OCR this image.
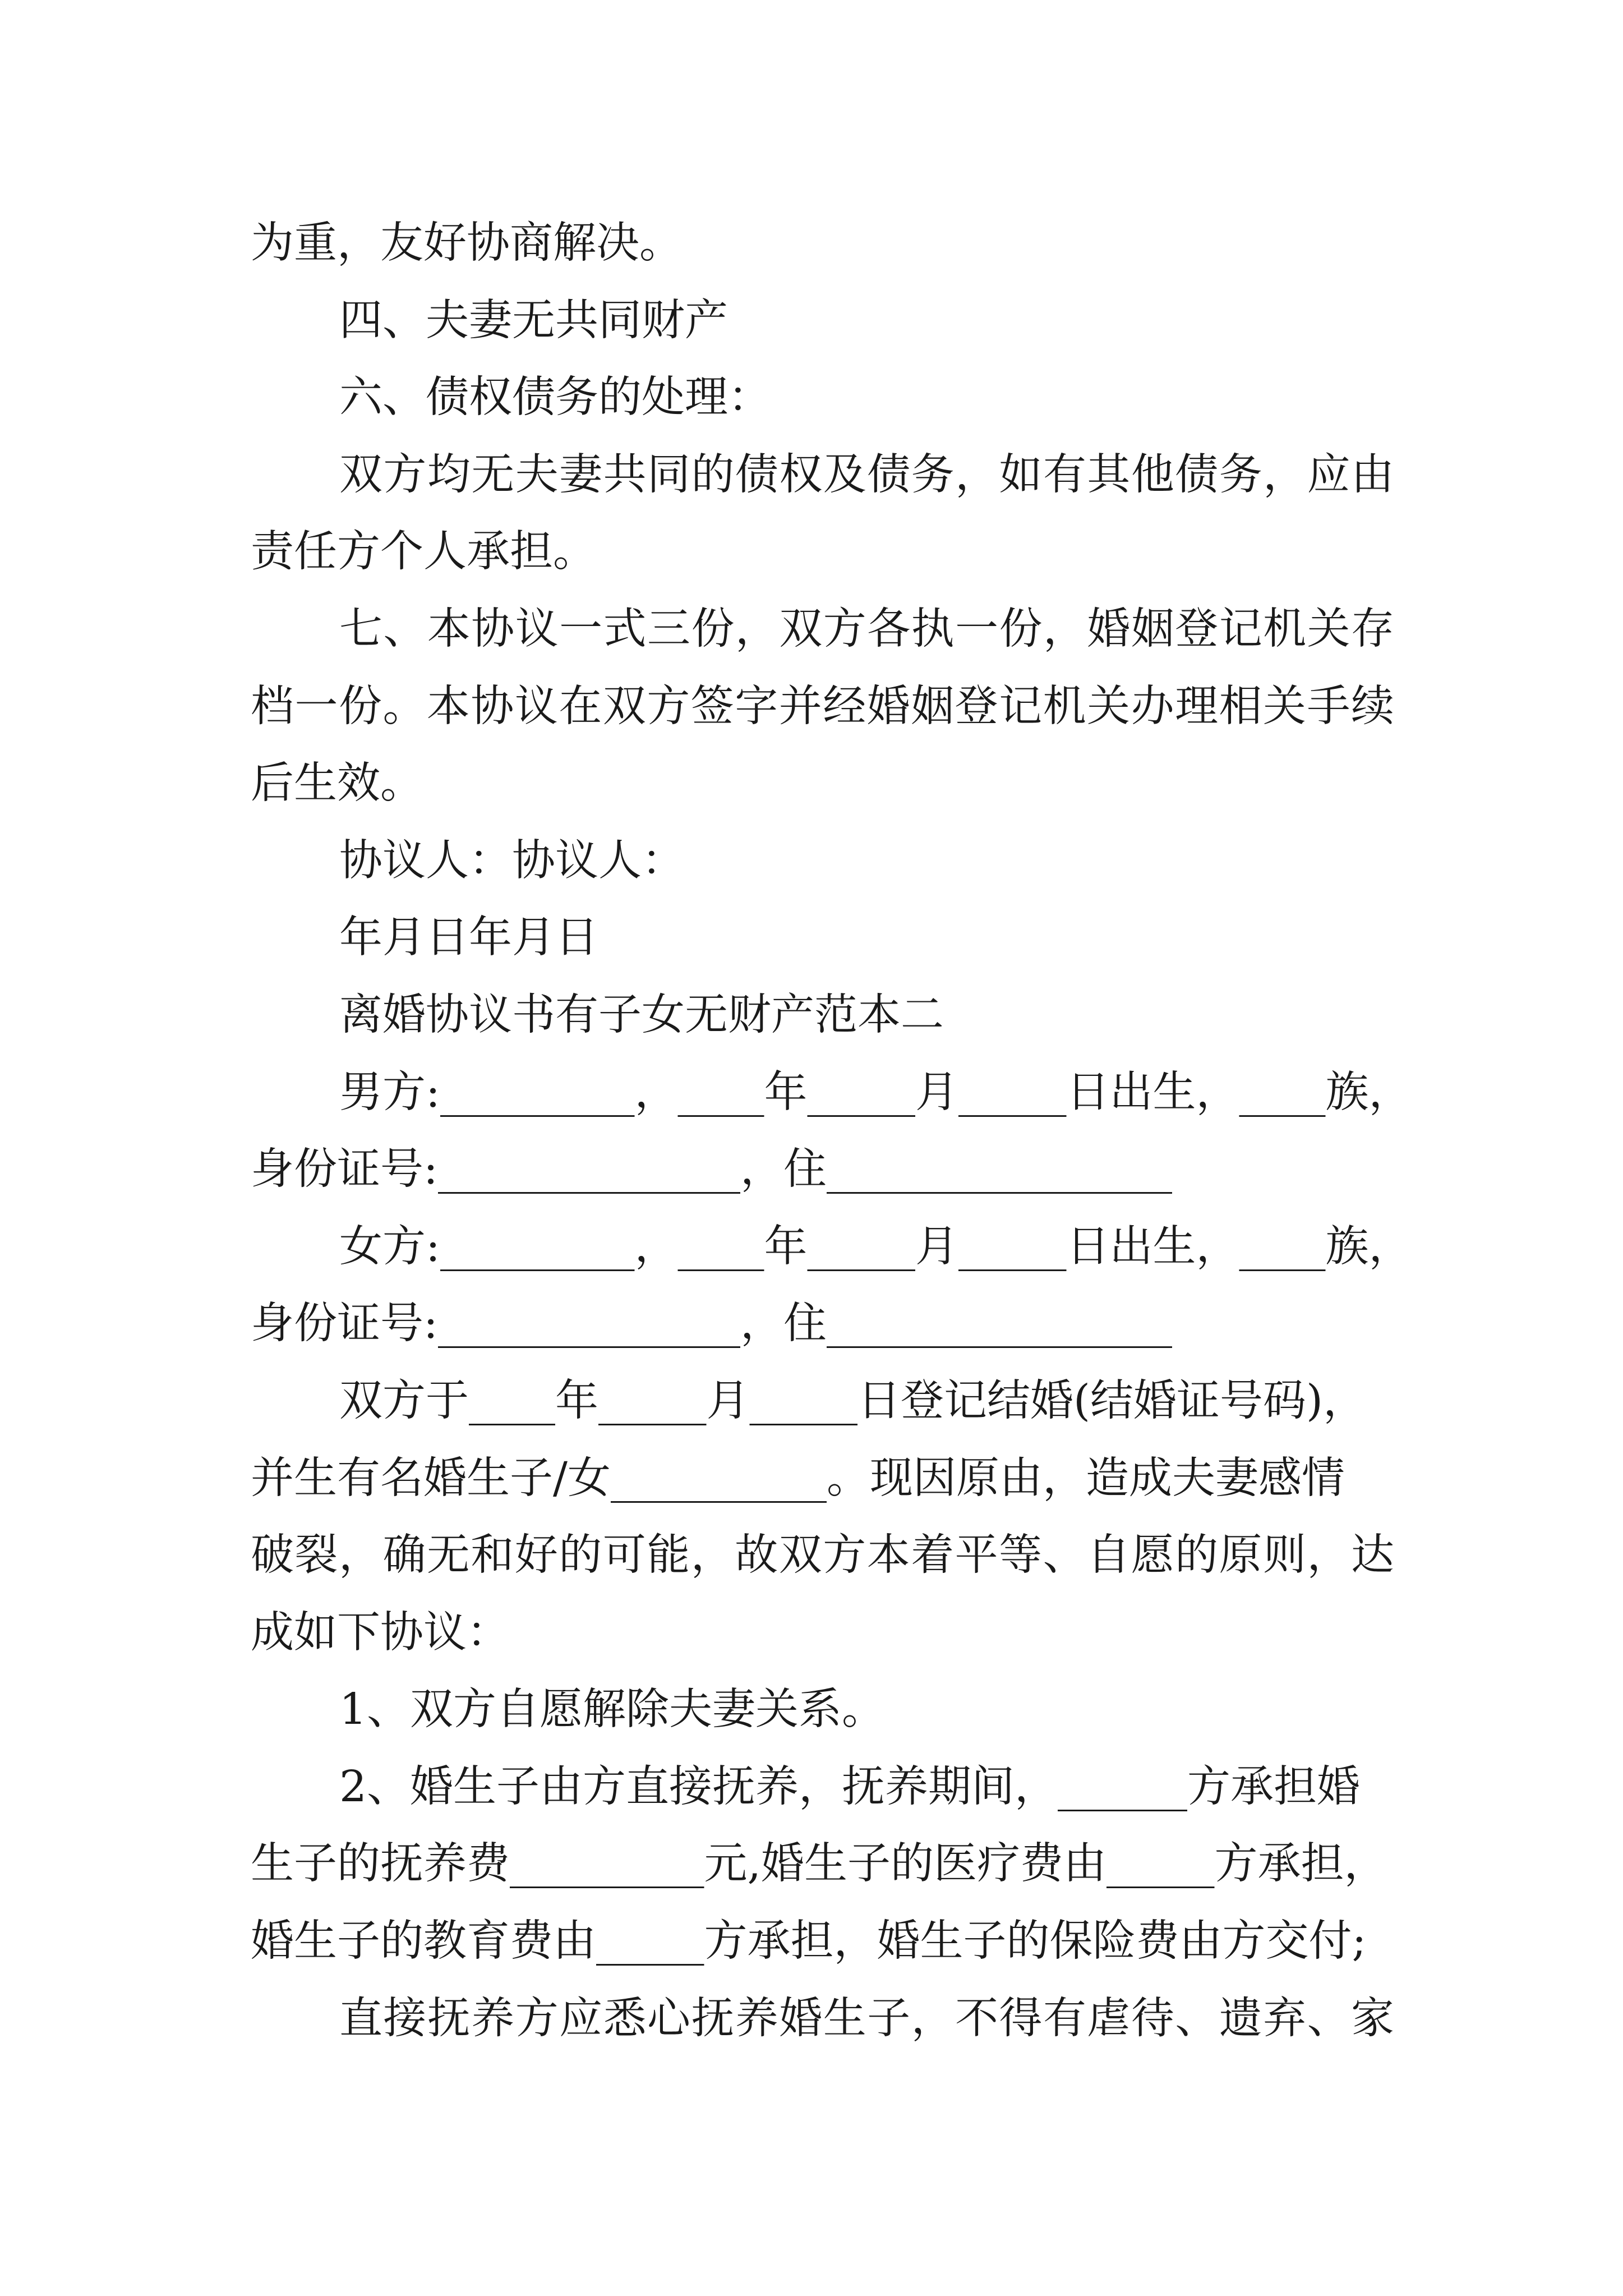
为重，友好协商解决。
四、夫妻无共同财产
六、债权债务的处理：
双方均无夫妻共同的债权及债务，如有其他债务，应由
责任方个人承担。
七、本协议一式三份，双方各执一份，婚姻登记机关存
档一份。本协议在双方签字并经婚姻登记机关办理相关手续
后生效。
协议人：协议人：
年月日年月日
离婚协议书有子女无财产范本二
男方:_________，____年_____月_____日出生，____族，
身份证号:______________，住________________
女方:_________，____年_____月_____日出生，____族，
身份证号:______________，住________________
双方于____年_____月_____日登记结婚(结婚证号码)，
并生有名婚生子/女__________。现因原由，造成夫妻感情
破裂，确无和好的可能，故双方本着平等、自愿的原则，达
成如下协议：
1、双方自愿解除夫妻关系。
2、婚生子由方直接抚养，抚养期间，______方承担婚
生子的抚养费_________元,婚生子的医疗费由_____方承担，
婚生子的教育费由_____方承担，婚生子的保险费由方交付;
直接抚养方应悉心抚养婚生子，不得有虐待、遗弃、家
